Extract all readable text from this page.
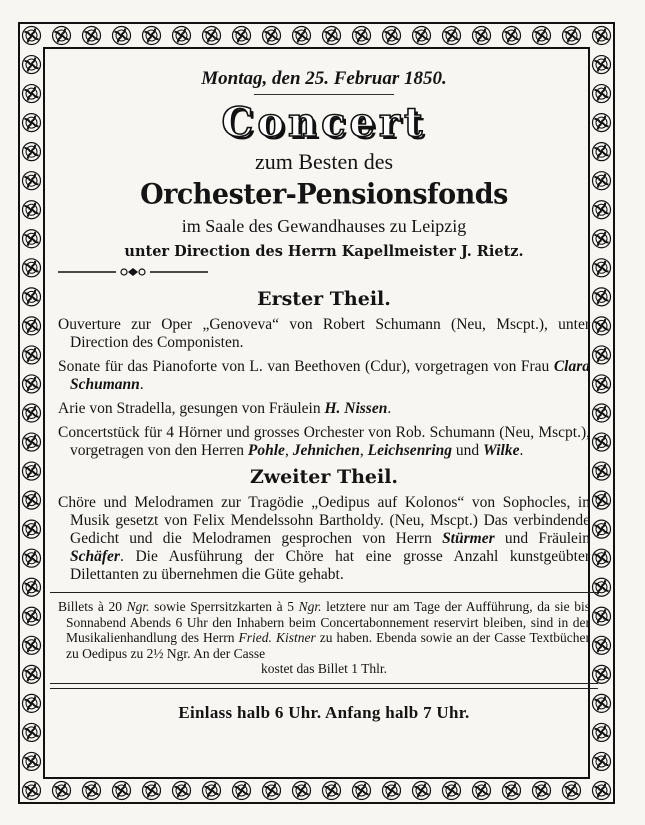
Montag, den 25. Februar 1850.
Concert
zum Besten des
Orchester-Pensionsfonds
im Saale des Gewandhauses zu Leipzig
unter Direction des Herrn Kapellmeister J. Rietz.
Erster Theil.
Ouverture zur Oper „Genoveva“ von Robert Schumann (Neu, Mscpt.), unter Direction des Componisten.
Sonate für das Pianoforte von L. van Beethoven (Cdur), vorgetragen von Frau Clara Schumann.
Arie von Stradella, gesungen von Fräulein H. Nissen.
Concertstück für 4 Hörner und grosses Orchester von Rob. Schumann (Neu, Mscpt.), vorgetragen von den Herren Pohle, Jehnichen, Leichsenring und Wilke.
Zweiter Theil.
Chöre und Melodramen zur Tragödie „Oedipus auf Kolonos“ von Sophocles, in Musik gesetzt von Felix Mendelssohn Bartholdy. (Neu, Mscpt.) Das verbindende Gedicht und die Melodramen gesprochen von Herrn Stürmer und Fräulein Schäfer. Die Ausführung der Chöre hat eine grosse Anzahl kunstgeübter Dilettanten zu übernehmen die Güte gehabt.
Billets à 20 Ngr. sowie Sperrsitzkarten à 5 Ngr. letztere nur am Tage der Aufführung, da sie bis Sonnabend Abends 6 Uhr den Inhabern beim Concertabonnement reservirt bleiben, sind in der Musikalienhandlung des Herrn Fried. Kistner zu haben. Ebenda sowie an der Casse Textbücher zu Oedipus zu 2½ Ngr. An der Casse
kostet das Billet 1 Thlr.
Einlass halb 6 Uhr. Anfang halb 7 Uhr.
